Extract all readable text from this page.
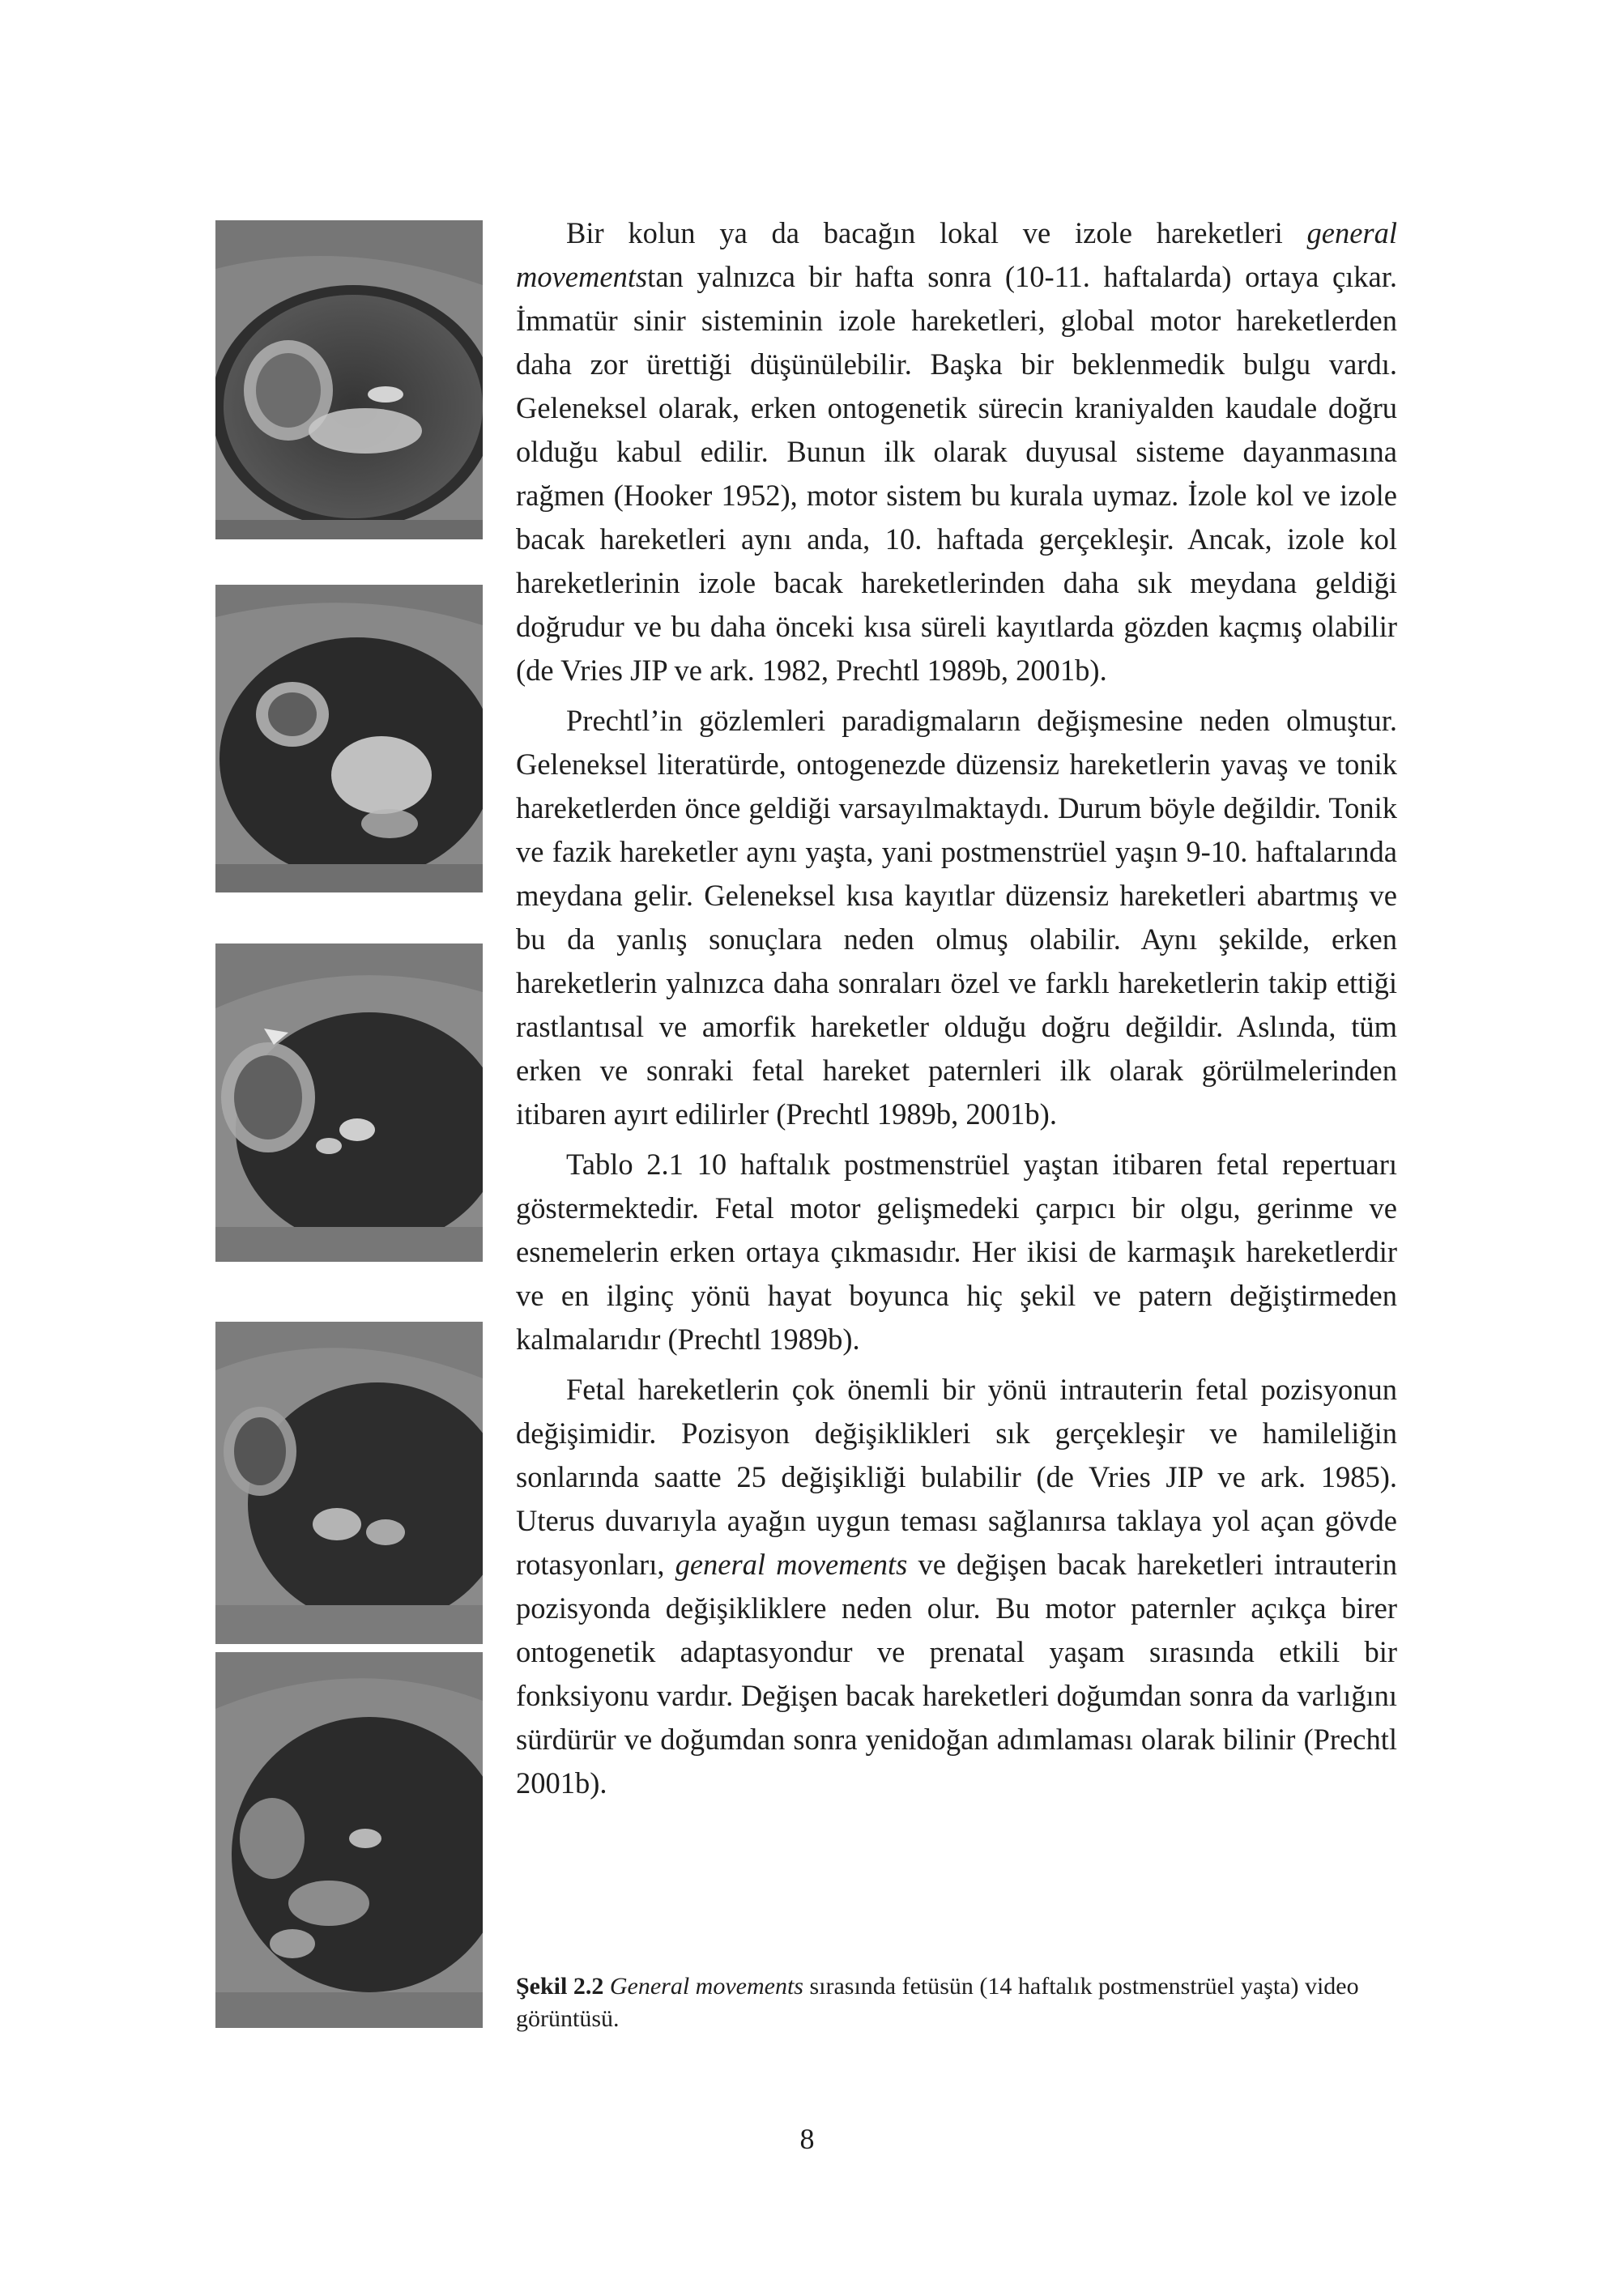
Bir kolun ya da bacağın lokal ve izole hareketleri general movementstan yalnızca bir hafta sonra (10-11. haftalarda) ortaya çıkar. İmmatür sinir sisteminin izole hareketleri, global motor hareketlerden daha zor ürettiği düşünülebilir. Başka bir beklenmedik bulgu vardı. Geleneksel olarak, erken ontogenetik sürecin kraniyalden kaudale doğru olduğu kabul edilir. Bunun ilk olarak duyusal sisteme dayanmasına rağmen (Hooker 1952), motor sistem bu kurala uymaz. İzole kol ve izole bacak hareketleri aynı anda, 10. haftada gerçekleşir. Ancak, izole kol hareketlerinin izole bacak hareketlerinden daha sık meydana geldiği doğrudur ve bu daha önceki kısa süreli kayıtlarda gözden kaçmış olabilir (de Vries JIP ve ark. 1982, Prechtl 1989b, 2001b).

Prechtl’in gözlemleri paradigmaların değişmesine neden olmuştur. Geleneksel literatürde, ontogenezde düzensiz hareketlerin yavaş ve tonik hareketlerden önce geldiği varsayılmaktaydı. Durum böyle değildir. Tonik ve fazik hareketler aynı yaşta, yani postmenstrüel yaşın 9-10. haftalarında meydana gelir. Geleneksel kısa kayıtlar düzensiz hareketleri abartmış ve bu da yanlış sonuçlara neden olmuş olabilir. Aynı şekilde, erken hareketlerin yalnızca daha sonraları özel ve farklı hareketlerin takip ettiği rastlantısal ve amorfik hareketler olduğu doğru değildir. Aslında, tüm erken ve sonraki fetal hareket paternleri ilk olarak görülmelerinden itibaren ayırt edilirler (Prechtl 1989b, 2001b).

Tablo 2.1 10 haftalık postmenstrüel yaştan itibaren fetal repertuarı göstermektedir. Fetal motor gelişmedeki çarpıcı bir olgu, gerinme ve esnemelerin erken ortaya çıkmasıdır. Her ikisi de karmaşık hareketlerdir ve en ilginç yönü hayat boyunca hiç şekil ve patern değiştirmeden kalmalarıdır (Prechtl 1989b).

Fetal hareketlerin çok önemli bir yönü intrauterin fetal pozisyonun değişimidir. Pozisyon değişiklikleri sık gerçekleşir ve hamileliğin sonlarında saatte 25 değişikliği bulabilir (de Vries JIP ve ark. 1985). Uterus duvarıyla ayağın uygun teması sağlanırsa taklaya yol açan gövde rotasyonları, general movements ve değişen bacak hareketleri intrauterin pozisyonda değişikliklere neden olur. Bu motor paternler açıkça birer ontogenetik adaptasyondur ve prenatal yaşam sırasında etkili bir fonksiyonu vardır. Değişen bacak hareketleri doğumdan sonra da varlığını sürdürür ve doğumdan sonra yenidoğan adımlaması olarak bilinir (Prechtl 2001b).

Şekil 2.2 General movements sırasında fetüsün (14 haftalık postmenstrüel yaşta) video görüntüsü.
8
